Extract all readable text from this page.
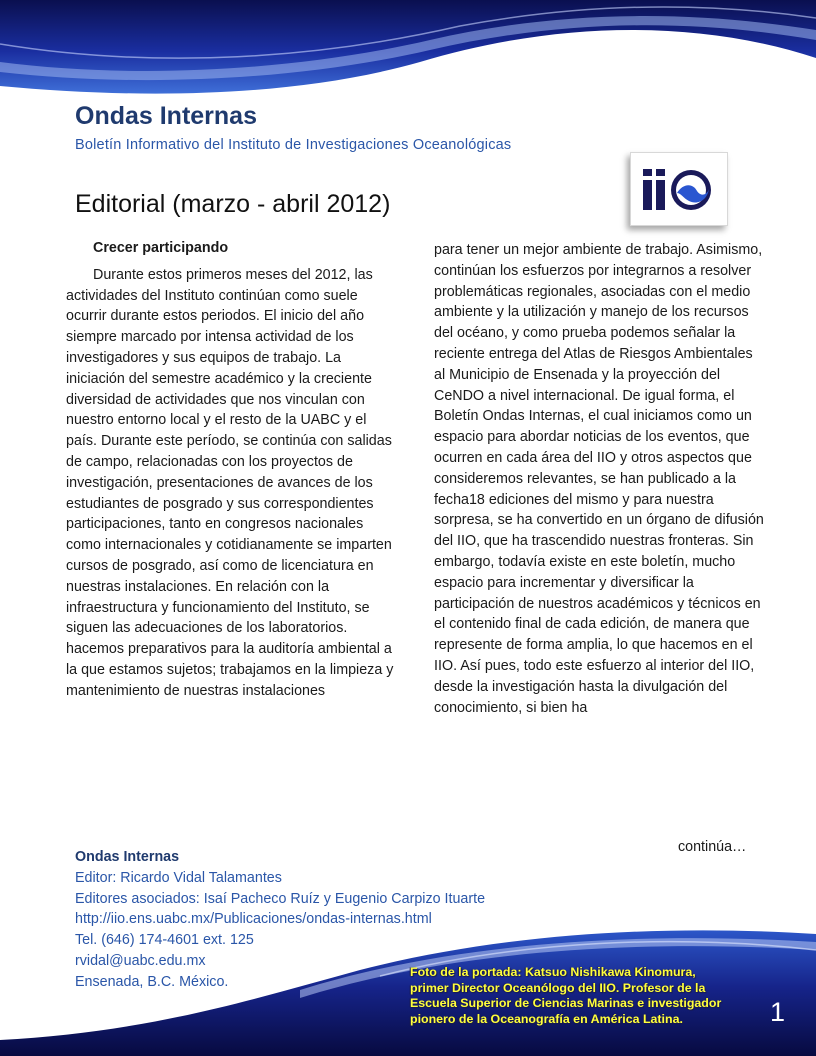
Ondas Internas
Boletín Informativo del Instituto de Investigaciones Oceanológicas
Editorial (marzo - abril 2012)

Crecer participando

Durante estos primeros meses del 2012, las actividades del Instituto continúan como suele ocurrir durante estos periodos. El inicio del año siempre marcado por intensa actividad de los investigadores y sus equipos de trabajo. La iniciación del semestre académico y la creciente diversidad de actividades que nos vinculan con nuestro entorno local y el resto de la UABC y el país. Durante este período, se continúa con salidas de campo, relacionadas con los proyectos de investigación, presentaciones de avances de los estudiantes de posgrado y sus correspondientes participaciones, tanto en congresos nacionales como internacionales y cotidianamente se imparten cursos de posgrado, así como de licenciatura en nuestras instalaciones. En relación con la infraestructura y funcionamiento del Instituto, se siguen las adecuaciones de los laboratorios. hacemos preparativos para la auditoría ambiental a la que estamos sujetos; trabajamos en la limpieza y mantenimiento de nuestras instalaciones

para tener un mejor ambiente de trabajo. Asimismo, continúan los esfuerzos por integrarnos a resolver problemáticas regionales, asociadas con el medio ambiente y la utilización y manejo de los recursos del océano, y como prueba podemos señalar la reciente entrega del Atlas de Riesgos Ambientales al Municipio de Ensenada y la proyección del CeNDO a nivel internacional. De igual forma, el Boletín Ondas Internas, el cual iniciamos como un espacio para abordar noticias de los eventos, que ocurren en cada área del IIO y otros aspectos que consideremos relevantes, se han publicado a la fecha18 ediciones del mismo y para nuestra sorpresa, se ha convertido en un órgano de difusión del IIO, que ha trascendido nuestras fronteras. Sin embargo, todavía existe en este boletín, mucho espacio para incrementar y diversificar la participación de nuestros académicos y técnicos en el contenido final de cada edición, de manera que represente de forma amplia, lo que hacemos en el IIO. Así pues, todo este esfuerzo al interior del IIO, desde la investigación hasta la divulgación del conocimiento, si bien ha

continúa…
Ondas Internas
Editor: Ricardo Vidal Talamantes
Editores asociados: Isaí Pacheco Ruíz y Eugenio Carpizo Ituarte
http://iio.ens.uabc.mx/Publicaciones/ondas-internas.html
Tel. (646) 174-4601 ext. 125
rvidal@uabc.edu.mx
Ensenada, B.C. México.
Foto de la portada: Katsuo Nishikawa Kinomura,
primer Director Oceanólogo del IIO. Profesor de la
Escuela Superior de Ciencias Marinas e investigador
pionero de la Oceanografía en América Latina.	1
